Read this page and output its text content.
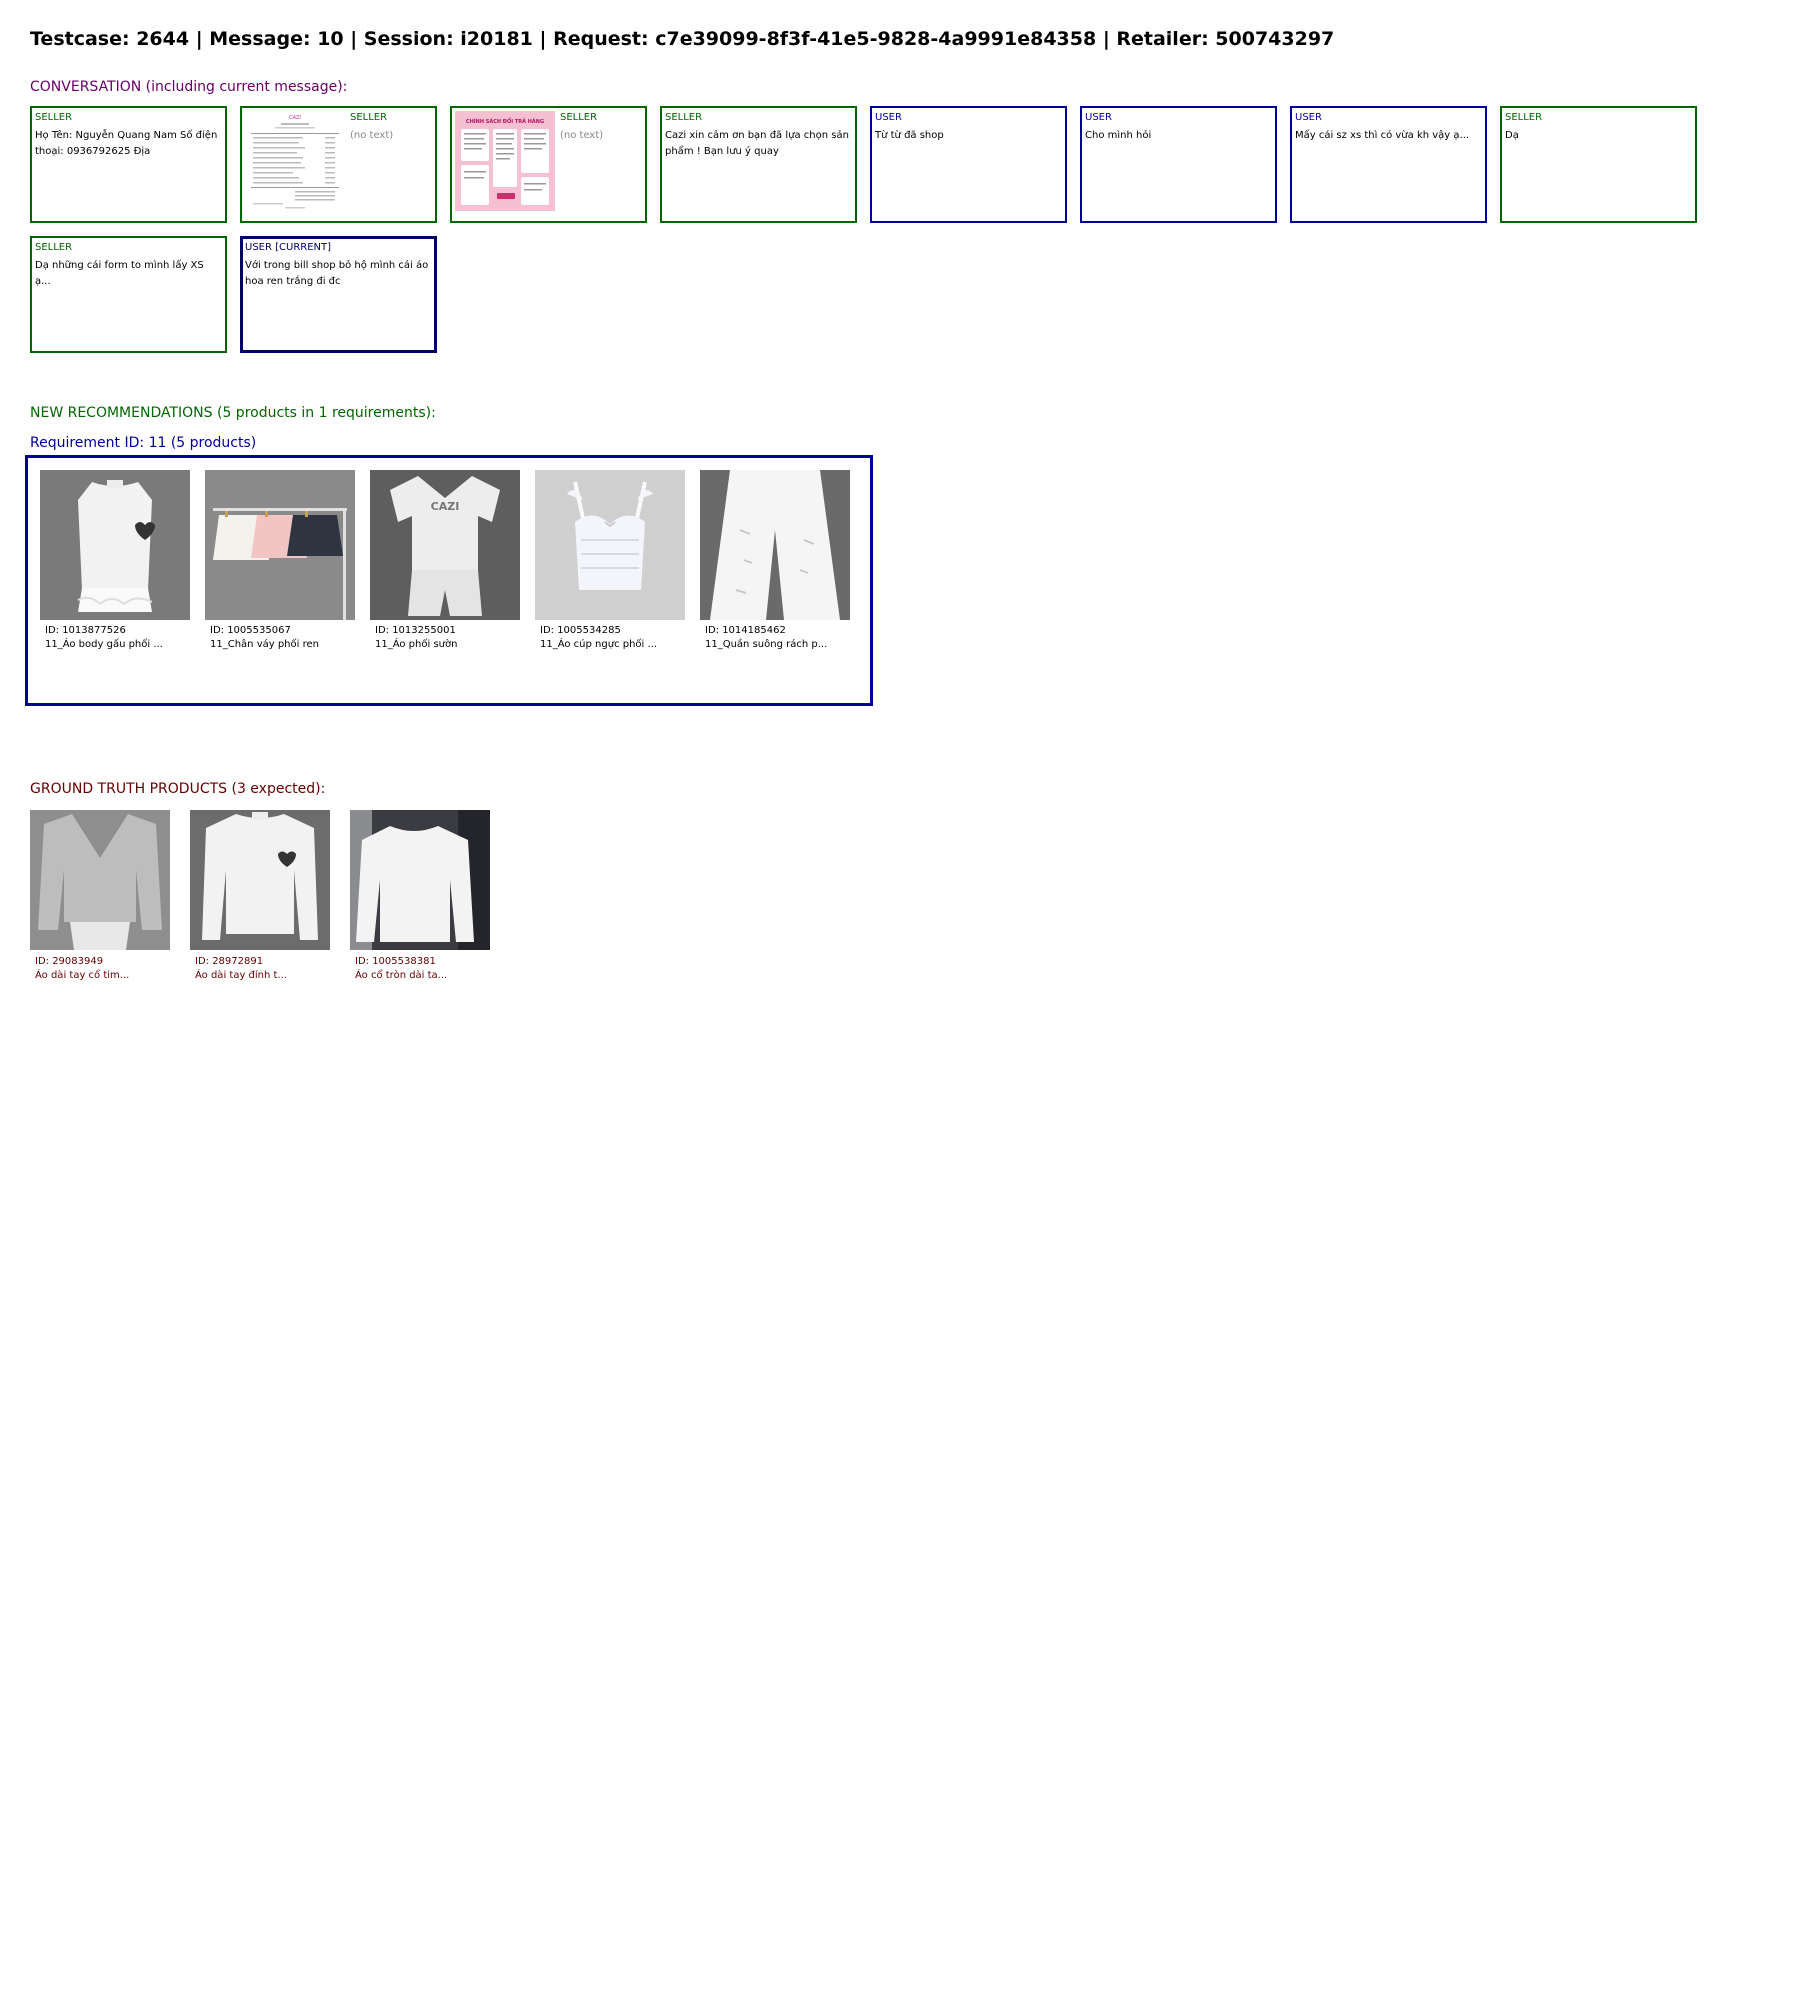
Testcase: 2644 | Message: 10 | Session: i20181 | Request: c7e39099-8f3f-41e5-9828-4a9991e84358 | Retailer: 500743297
CONVERSATION (including current message):
SELLER
Họ Tên: Nguyễn Quang Nam Số điện thoại: 0936792625 Địa
CAZI	SELLER
(no text)
CHÍNH SÁCH ĐỔI TRẢ HÀNG SELLER
(no text)
SELLER
Cazi xin cảm ơn bạn đã lựa chọn sản phẩm ! Bạn lưu ý quay
USER
Từ từ đã shop
USER
Cho mình hỏi
USER
Mấy cái sz xs thì có vừa kh vậy ạ...
SELLER
Dạ
SELLER
Dạ những cái form to mình lấy XS ạ...
USER [CURRENT]
Với trong bill shop bỏ hộ mình cái áo hoa ren trắng đi đc
NEW RECOMMENDATIONS (5 products in 1 requirements):
Requirement ID: 11 (5 products)
ID: 1013877526
11_Áo body gấu phối ...
ID: 1005535067
11_Chân váy phối ren
CAZI
ID: 1013255001
11_Áo phối sườn
ID: 1005534285
11_Áo cúp ngực phối ...
ID: 1014185462
11_Quần suông rách p...
GROUND TRUTH PRODUCTS (3 expected):
ID: 29083949
Áo dài tay cổ tim...
ID: 28972891
Áo dài tay đính t...
ID: 1005538381
Áo cổ tròn dài ta...
